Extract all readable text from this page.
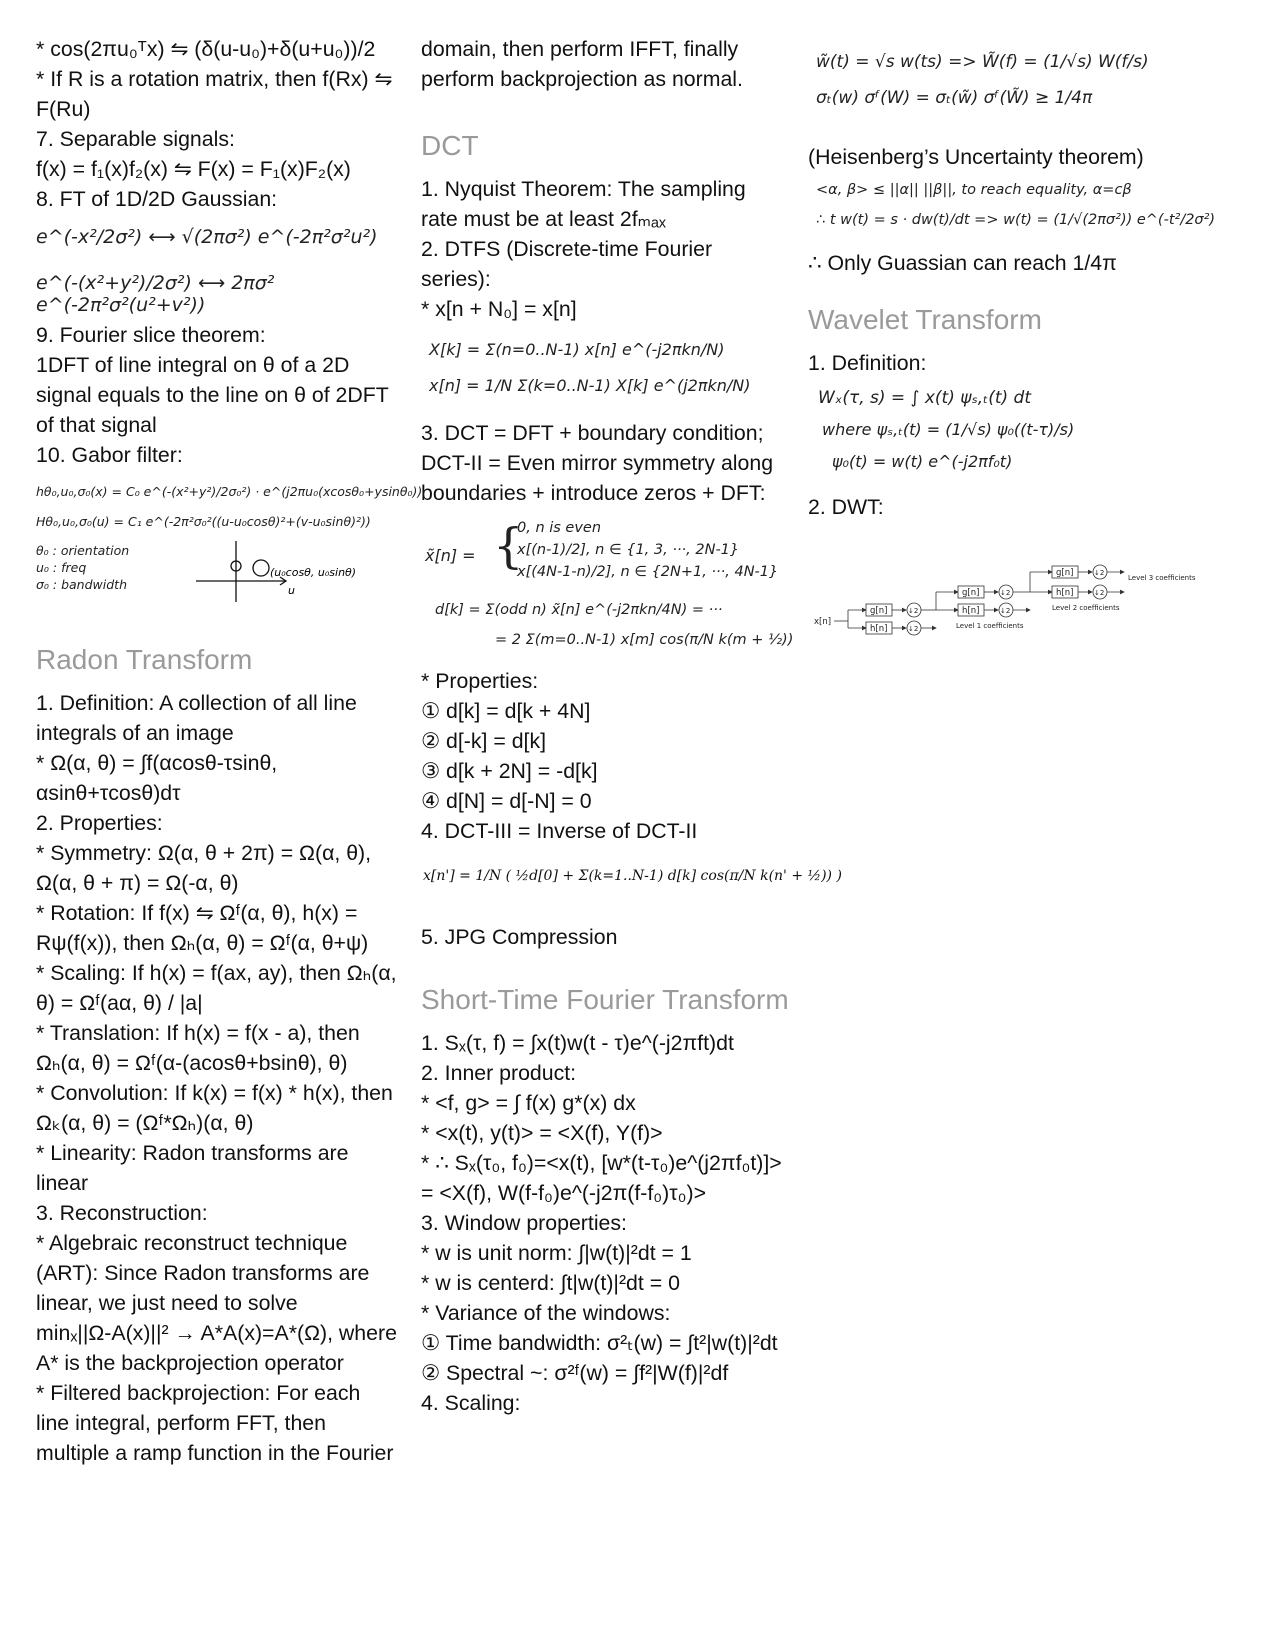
* cos(2πu₀ᵀx) ⇋ (δ(u-u₀)+δ(u+u₀))/2

* If R is a rotation matrix, then f(Rx) ⇋

F(Ru)

7. Separable signals:

f(x) = f₁(x)f₂(x) ⇋ F(x) = F₁(x)F₂(x)

8. FT of 1D/2D Gaussian:

e^(-x²/2σ²) ⟷ √(2πσ²) e^(-2π²σ²u²)
e^(-(x²+y²)/2σ²) ⟷ 2πσ² e^(-2π²σ²(u²+v²))

9. Fourier slice theorem:

1DFT of line integral on θ of a 2D

signal equals to the line on θ of 2DFT

of that signal

10. Gabor filter:

hθ₀,u₀,σ₀(x) = C₀ e^(-(x²+y²)/2σ₀²) · e^(j2πu₀(xcosθ₀+ysinθ₀))
Hθ₀,u₀,σ₀(u) = C₁ e^(-2π²σ₀²((u-u₀cosθ)²+(v-u₀sinθ)²))
θ₀ : orientation
u₀ : freq
σ₀ : bandwidth
(u₀cosθ, u₀sinθ)
u
Radon Transform

1. Definition: A collection of all line

integrals of an image

* Ω(α, θ) = ∫f(αcosθ-τsinθ,

αsinθ+τcosθ)dτ

2. Properties:

* Symmetry: Ω(α, θ + 2π) = Ω(α, θ),

Ω(α, θ + π) = Ω(-α, θ)

* Rotation: If f(x) ⇋ Ωᶠ(α, θ), h(x) =

Rψ(f(x)), then Ωₕ(α, θ) = Ωᶠ(α, θ+ψ)

* Scaling: If h(x) = f(ax, ay), then Ωₕ(α,

θ) = Ωᶠ(aα, θ) / |a|

* Translation: If h(x) = f(x - a), then

Ωₕ(α, θ) = Ωᶠ(α-(acosθ+bsinθ), θ)

* Convolution: If k(x) = f(x) * h(x), then

Ωₖ(α, θ) = (Ωᶠ*Ωₕ)(α, θ)

* Linearity: Radon transforms are

linear

3. Reconstruction:

* Algebraic reconstruct technique

(ART): Since Radon transforms are

linear, we just need to solve

minₓ||Ω-A(x)||² → A*A(x)=A*(Ω), where

A* is the backprojection operator

* Filtered backprojection: For each

line integral, perform FFT, then

multiple a ramp function in the Fourier

domain, then perform IFFT, finally

perform backprojection as normal.

DCT

1. Nyquist Theorem: The sampling

rate must be at least 2fₘₐₓ

2. DTFS (Discrete-time Fourier

series):

* x[n + N₀] = x[n]

X[k] = Σ(n=0..N-1) x[n] e^(-j2πkn/N)
x[n] = 1/N Σ(k=0..N-1) X[k] e^(j2πkn/N)

3. DCT = DFT + boundary condition;

DCT-II = Even mirror symmetry along

boundaries + introduce zeros + DFT:

x̃[n] = {
0, n is even
x[(n-1)/2], n ∈ {1, 3, ···, 2N-1}
x[(4N-1-n)/2], n ∈ {2N+1, ···, 4N-1}
d[k] = Σ(odd n) x̃[n] e^(-j2πkn/4N) = ···
= 2 Σ(m=0..N-1) x[m] cos(π/N k(m + ½))

* Properties:

① d[k] = d[k + 4N]

② d[-k] = d[k]

③ d[k + 2N] = -d[k]

④ d[N] = d[-N] = 0

4. DCT-III = Inverse of DCT-II

x[n'] = 1/N ( ½d[0] + Σ(k=1..N-1) d[k] cos(π/N k(n' + ½)) )

5. JPG Compression

Short-Time Fourier Transform

1. Sₓ(τ, f) = ∫x(t)w(t - τ)e^(-j2πft)dt

2. Inner product:

* <f, g> = ∫ f(x) g*(x) dx

* <x(t), y(t)> = <X(f), Y(f)>

* ∴ Sₓ(τ₀, f₀)=<x(t), [w*(t-τ₀)e^(j2πf₀t)]>

= <X(f), W(f-f₀)e^(-j2π(f-f₀)τ₀)>

3. Window properties:

* w is unit norm: ∫|w(t)|²dt = 1

* w is centerd: ∫t|w(t)|²dt = 0

* Variance of the windows:

① Time bandwidth: σ²ₜ(w) = ∫t²|w(t)|²dt

② Spectral ~: σ²ᶠ(w) = ∫f²|W(f)|²df

4. Scaling:

w̃(t) = √s w(ts) => W̃(f) = (1/√s) W(f/s)
σₜ(w) σᶠ(W) = σₜ(w̃) σᶠ(W̃) ≥ 1/4π

(Heisenberg’s Uncertainty theorem)

<α, β> ≤ ||α|| ||β||, to reach equality, α=cβ
∴ t w(t) = s · dw(t)/dt => w(t) = (1/√(2πσ²)) e^(-t²/2σ²)

∴ Only Guassian can reach 1/4π

Wavelet Transform

1. Definition:

Wₓ(τ, s) = ∫ x(t) ψₛ,ₜ(t) dt
where ψₛ,ₜ(t) = (1/√s) ψ₀((t-τ)/s)
ψ₀(t) = w(t) e^(-j2πf₀t)

2. DWT:

x[n]
g[n]
h[n]
↓2
↓2	Level 1 coefficients
g[n]
h[n]
↓2
↓2	Level 2 coefficients
g[n]
h[n]
↓2
↓2
Level 3 coefficients
